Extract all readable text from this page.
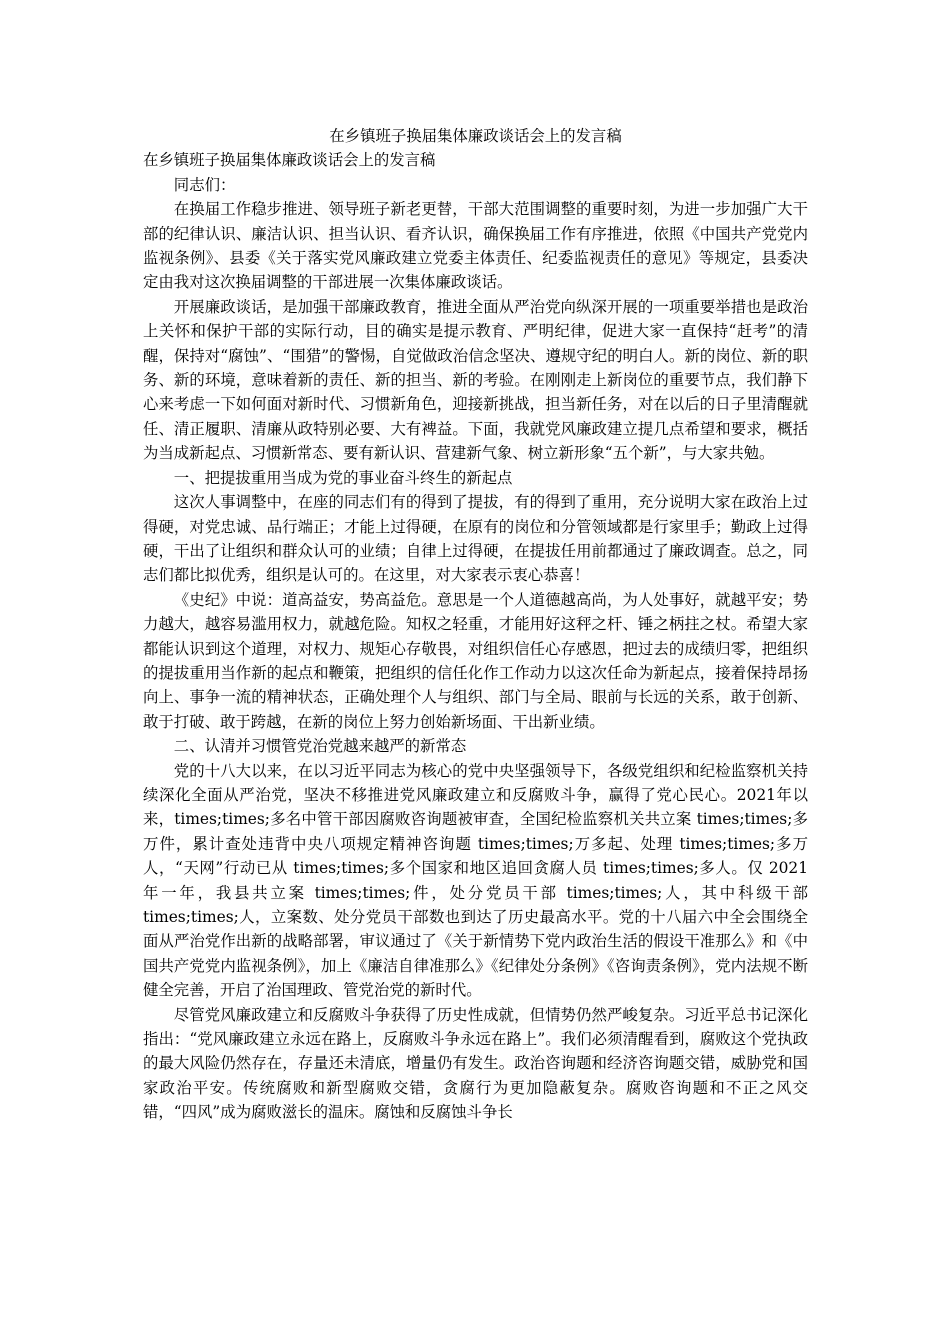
在乡镇班子换届集体廉政谈话会上的发言稿

在乡镇班子换届集体廉政谈话会上的发言稿

同志们：

在换届工作稳步推进、领导班子新老更替，干部大范围调整的重要时刻，为进一步加强广大干部的纪律认识、廉洁认识、担当认识、看齐认识，确保换届工作有序推进，依照《中国共产党党内监视条例》、县委《关于落实党风廉政建立党委主体责任、纪委监视责任的意见》等规定，县委决定由我对这次换届调整的干部进展一次集体廉政谈话。

开展廉政谈话，是加强干部廉政教育，推进全面从严治党向纵深开展的一项重要举措也是政治上关怀和保护干部的实际行动，目的确实是提示教育、严明纪律，促进大家一直保持“赶考”的清醒，保持对“腐蚀”、“围猎”的警惕，自觉做政治信念坚决、遵规守纪的明白人。新的岗位、新的职务、新的环境，意味着新的责任、新的担当、新的考验。在刚刚走上新岗位的重要节点，我们静下心来考虑一下如何面对新时代、习惯新角色，迎接新挑战，担当新任务，对在以后的日子里清醒就任、清正履职、清廉从政特别必要、大有裨益。下面，我就党风廉政建立提几点希望和要求，概括为当成新起点、习惯新常态、要有新认识、营建新气象、树立新形象“五个新”，与大家共勉。

一、把提拔重用当成为党的事业奋斗终生的新起点

这次人事调整中，在座的同志们有的得到了提拔，有的得到了重用，充分说明大家在政治上过得硬，对党忠诚、品行端正；才能上过得硬，在原有的岗位和分管领域都是行家里手；勤政上过得硬，干出了让组织和群众认可的业绩；自律上过得硬，在提拔任用前都通过了廉政调查。总之，同志们都比拟优秀，组织是认可的。在这里，对大家表示衷心恭喜！

《史纪》中说：道高益安，势高益危。意思是一个人道德越高尚，为人处事好，就越平安；势力越大，越容易滥用权力，就越危险。知权之轻重，才能用好这秤之杆、锤之柄拄之杖。希望大家都能认识到这个道理，对权力、规矩心存敬畏，对组织信任心存感恩，把过去的成绩归零，把组织的提拔重用当作新的起点和鞭策，把组织的信任化作工作动力以这次任命为新起点，接着保持昂扬向上、事争一流的精神状态，正确处理个人与组织、部门与全局、眼前与长远的关系，敢于创新、敢于打破、敢于跨越，在新的岗位上努力创始新场面、干出新业绩。

二、认清并习惯管党治党越来越严的新常态

党的十八大以来，在以习近平同志为核心的党中央坚强领导下，各级党组织和纪检监察机关持续深化全面从严治党，坚决不移推进党风廉政建立和反腐败斗争，赢得了党心民心。2021年以来，times;times;多名中管干部因腐败咨询题被审查，全国纪检监察机关共立案 times;times;多万件，累计查处违背中央八项规定精神咨询题 times;times;万多起、处理 times;times;多万人，“天网”行动已从 times;times;多个国家和地区追回贪腐人员 times;times;多人。仅 2021 年一年，我县共立案 times;times;件，处分党员干部 times;times;人，其中科级干部 times;times;人，立案数、处分党员干部数也到达了历史最高水平。党的十八届六中全会围绕全面从严治党作出新的战略部署，审议通过了《关于新情势下党内政治生活的假设干准那么》和《中国共产党党内监视条例》，加上《廉洁自律准那么》《纪律处分条例》《咨询责条例》，党内法规不断健全完善，开启了治国理政、管党治党的新时代。

尽管党风廉政建立和反腐败斗争获得了历史性成就，但情势仍然严峻复杂。习近平总书记深化指出：“党风廉政建立永远在路上，反腐败斗争永远在路上”。我们必须清醒看到，腐败这个党执政的最大风险仍然存在，存量还未清底，增量仍有发生。政治咨询题和经济咨询题交错，威胁党和国家政治平安。传统腐败和新型腐败交错，贪腐行为更加隐蔽复杂。腐败咨询题和不正之风交错，“四风”成为腐败滋长的温床。腐蚀和反腐蚀斗争长
